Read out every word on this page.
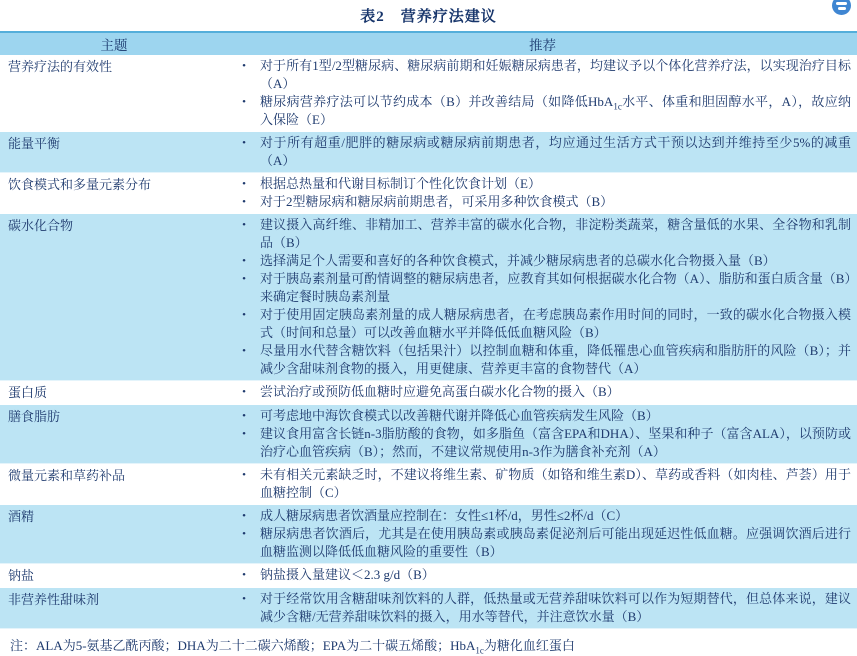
表2　营养疗法建议
主题	推荐
营养疗法的有效性	• 对于所有1型/2型糖尿病、糖尿病前期和妊娠糖尿病患者，均建议予以个体化营养疗法，以实现治疗目标（A）
• 糖尿病营养疗法可以节约成本（B）并改善结局（如降低HbA$_{1c}$水平、体重和胆固醇水平，A），故应纳入保险（E）

能量平衡	• 对于所有超重/肥胖的糖尿病或糖尿病前期患者，均应通过生活方式干预以达到并维持至少5%的减重（A）

饮食模式和多量元素分布	• 根据总热量和代谢目标制订个性化饮食计划（E）
• 对于2型糖尿病和糖尿病前期患者，可采用多种饮食模式（B）

碳水化合物	•	建议摄入高纤维、非精加工、营养丰富的碳水化合物，非淀粉类蔬菜，糖含量低的水果、全谷物和乳制品（B）
•	选择满足个人需要和喜好的各种饮食模式，并减少糖尿病患者的总碳水化合物摄入量（B）
•	对于胰岛素剂量可酌情调整的糖尿病患者，应教育其如何根据碳水化合物（A）、脂肪和蛋白质含量（B）来确定餐时胰岛素剂量
•	对于使用固定胰岛素剂量的成人糖尿病患者，在考虑胰岛素作用时间的同时，一致的碳水化合物摄入模式（时间和总量）可以改善血糖水平并降低低血糖风险（B）
•	尽量用水代替含糖饮料（包括果汁）以控制血糖和体重，降低罹患心血管疾病和脂肪肝的风险（B）；并减少含甜味剂食物的摄入，用更健康、营养更丰富的食物替代（A）

蛋白质	• 尝试治疗或预防低血糖时应避免高蛋白碳水化合物的摄入（B）

膳食脂肪	• 可考虑地中海饮食模式以改善糖代谢并降低心血管疾病发生风险（B）
• 建议食用富含长链n-3脂肪酸的食物，如多脂鱼（富含EPA和DHA）、坚果和种子（富含ALA），以预防或治疗心血管疾病（B）；然而，不建议常规使用n-3作为膳食补充剂（A）

微量元素和草药补品	• 未有相关元素缺乏时，不建议将维生素、矿物质（如铬和维生素D）、草药或香料（如肉桂、芦荟）用于血糖控制（C）

酒精	• 成人糖尿病患者饮酒量应控制在：女性≤1杯/d，男性≤2杯/d（C）
• 糖尿病患者饮酒后，尤其是在使用胰岛素或胰岛素促泌剂后可能出现延迟性低血糖。应强调饮酒后进行血糖监测以降低低血糖风险的重要性（B）

钠盐	• 钠盐摄入量建议＜2.3 g/d（B）

非营养性甜味剂	• 对于经常饮用含糖甜味剂饮料的人群，低热量或无营养甜味饮料可以作为短期替代，但总体来说，建议减少含糖/无营养甜味饮料的摄入，用水等替代，并注意饮水量（B）
注：ALA为5-氨基乙酰丙酸；DHA为二十二碳六烯酸；EPA为二十碳五烯酸；HbA$_{1c}$为糖化血红蛋白
